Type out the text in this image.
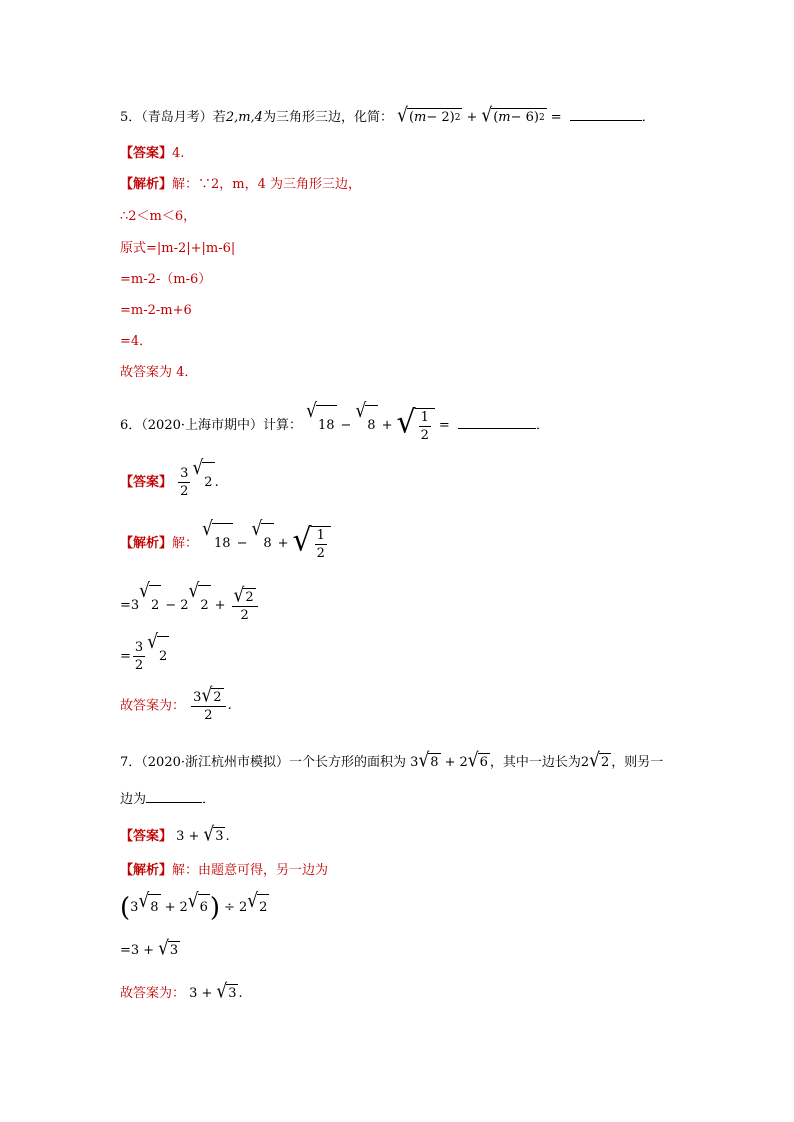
5．（青岛月考）若2,m,4为三角形三边，化简： √ ( m − 2) 2 + √ ( m − 6) 2 =	．
【答案】4.
【解析】解：∵2，m，4 为三角形三边，
∴2＜m＜6，
原式=|m-2|+|m-6|
=m-2-（m-6）
=m-2-m+6
=4．
故答案为 4．
6．（2020·上海市期中）计算：
√
18 −
√
8 + √ $\frac{1}{2}$ =	．
【答案】 $\frac{3}{2}$ √
2 .
【解析】解：
√
18 −
√
8 + √ $\frac{1}{2}$
=3
√
2 − 2
√
$2 + \frac{√ 2}{2}$
= $\frac{3}{2}$ √
2
故答案为： $\frac{3 √ 2}{2}$ .
7．（2020·浙江杭州市模拟）一个长方形的面积为 3 √ 8 + 2 √ 6 ，其中一边长为2 √ 2 ，则另一
边为	．
【答案】 3 + √ 3 .
【解析】解：由题意可得，另一边为
( 3 √ 8 + 2 √ 6 ) ÷ 2 √ 2
=3 + √ 3
故答案为： 3 + √ 3 .
